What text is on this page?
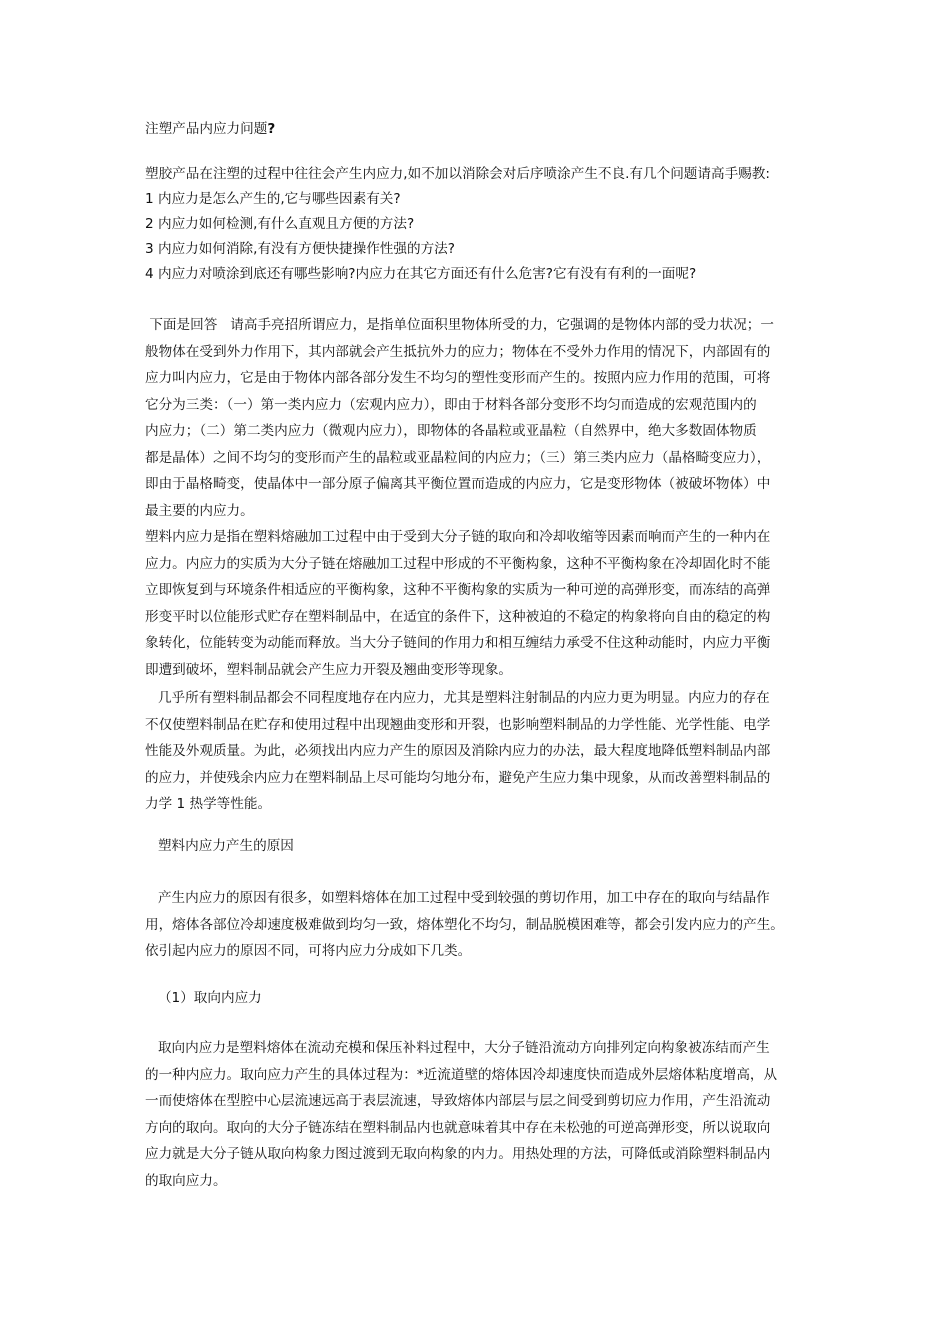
注塑产品内应力问题?

塑胶产品在注塑的过程中往往会产生内应力,如不加以消除会对后序喷涂产生不良.有几个问题请高手赐教:
1 内应力是怎么产生的,它与哪些因素有关?
2 内应力如何检测,有什么直观且方便的方法?
3 内应力如何消除,有没有方便快捷操作性强的方法?
4 内应力对喷涂到底还有哪些影响?内应力在其它方面还有什么危害?它有没有有利的一面呢?
下面是回答   请高手亮招所谓应力，是指单位面积里物体所受的力，它强调的是物体内部的受力状况；一
般物体在受到外力作用下，其内部就会产生抵抗外力的应力；物体在不受外力作用的情况下，内部固有的
应力叫内应力，它是由于物体内部各部分发生不均匀的塑性变形而产生的。按照内应力作用的范围，可将
它分为三类：（一）第一类内应力（宏观内应力），即由于材料各部分变形不均匀而造成的宏观范围内的
内应力；（二）第二类内应力（微观内应力），即物体的各晶粒或亚晶粒（自然界中，绝大多数固体物质
都是晶体）之间不均匀的变形而产生的晶粒或亚晶粒间的内应力；（三）第三类内应力（晶格畸变应力），
即由于晶格畸变，使晶体中一部分原子偏离其平衡位置而造成的内应力，它是变形物体（被破坏物体）中
最主要的内应力。
塑料内应力是指在塑料熔融加工过程中由于受到大分子链的取向和冷却收缩等因素而响而产生的一种内在
应力。内应力的实质为大分子链在熔融加工过程中形成的不平衡构象，这种不平衡构象在冷却固化时不能
立即恢复到与环境条件相适应的平衡构象，这种不平衡构象的实质为一种可逆的高弹形变，而冻结的高弹
形变平时以位能形式贮存在塑料制品中，在适宜的条件下，这种被迫的不稳定的构象将向自由的稳定的构
象转化，位能转变为动能而释放。当大分子链间的作用力和相互缠结力承受不住这种动能时，内应力平衡
即遭到破坏，塑料制品就会产生应力开裂及翘曲变形等现象。
几乎所有塑料制品都会不同程度地存在内应力，尤其是塑料注射制品的内应力更为明显。内应力的存在
不仅使塑料制品在贮存和使用过程中出现翘曲变形和开裂，也影响塑料制品的力学性能、光学性能、电学
性能及外观质量。为此，必须找出内应力产生的原因及消除内应力的办法，最大程度地降低塑料制品内部
的应力，并使残余内应力在塑料制品上尽可能均匀地分布，避免产生应力集中现象，从而改善塑料制品的
力学 1 热学等性能。
塑料内应力产生的原因
产生内应力的原因有很多，如塑料熔体在加工过程中受到较强的剪切作用，加工中存在的取向与结晶作
用，熔体各部位冷却速度极难做到均匀一致，熔体塑化不均匀，制品脱模困难等，都会引发内应力的产生。
依引起内应力的原因不同，可将内应力分成如下几类。
（1）取向内应力
取向内应力是塑料熔体在流动充模和保压补料过程中，大分子链沿流动方向排列定向构象被冻结而产生
的一种内应力。取向应力产生的具体过程为：*近流道壁的熔体因冷却速度快而造成外层熔体粘度增高，从
一而使熔体在型腔中心层流速远高于表层流速，导致熔体内部层与层之间受到剪切应力作用，产生沿流动
方向的取向。取向的大分子链冻结在塑料制品内也就意味着其中存在未松弛的可逆高弹形变，所以说取向
应力就是大分子链从取向构象力图过渡到无取向构象的内力。用热处理的方法，可降低或消除塑料制品内
的取向应力。
